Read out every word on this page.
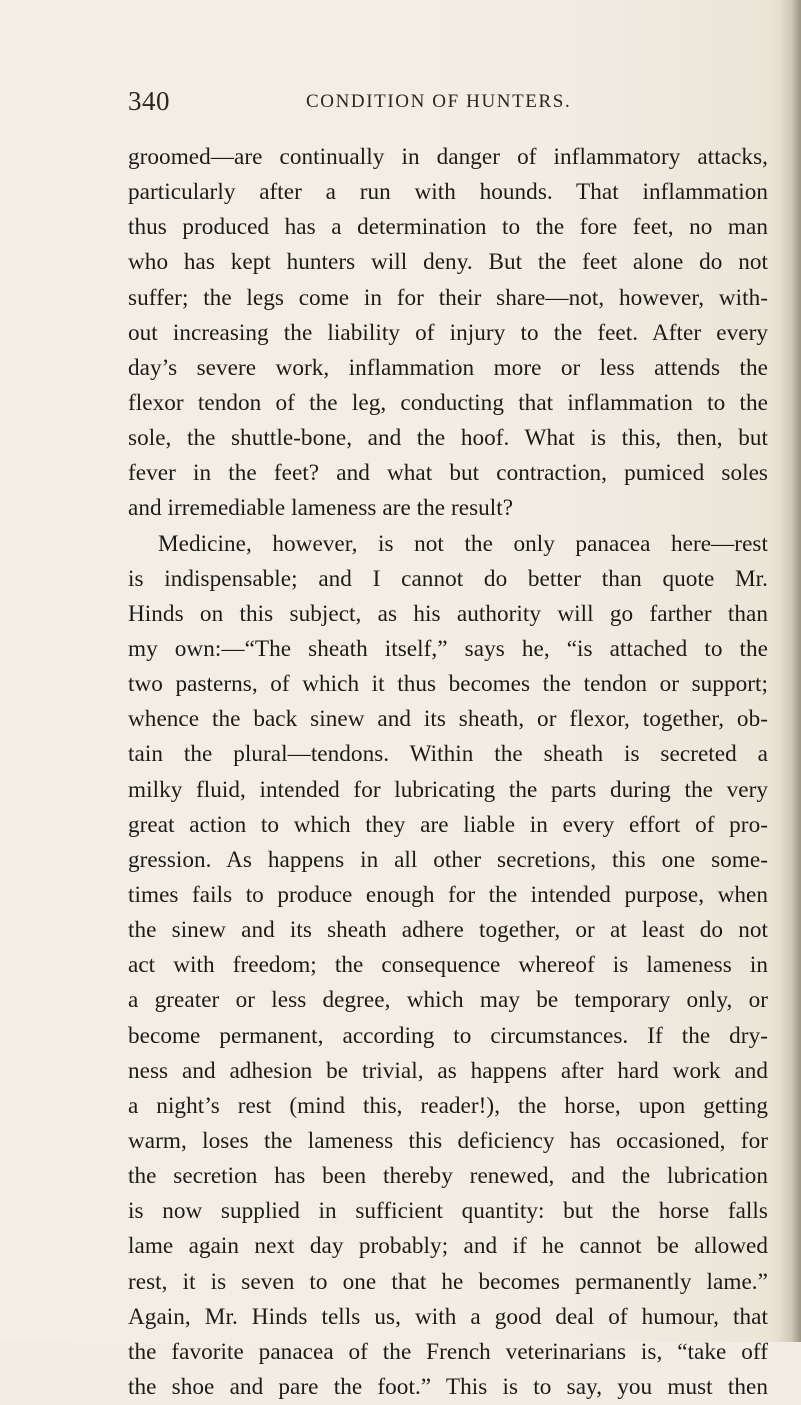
340	CONDITION OF HUNTERS.
groomed—are continually in danger of inflammatory attacks,
particularly after a run with hounds. That inflammation
thus produced has a determination to the fore feet, no man
who has kept hunters will deny. But the feet alone do not
suffer; the legs come in for their share—not, however, with-
out increasing the liability of injury to the feet. After every
day’s severe work, inflammation more or less attends the
flexor tendon of the leg, conducting that inflammation to the
sole, the shuttle-bone, and the hoof. What is this, then, but
fever in the feet? and what but contraction, pumiced soles
and irremediable lameness are the result?
Medicine, however, is not the only panacea here—rest
is indispensable; and I cannot do better than quote Mr.
Hinds on this subject, as his authority will go farther than
my own:—“The sheath itself,” says he, “is attached to the
two pasterns, of which it thus becomes the tendon or support;
whence the back sinew and its sheath, or flexor, together, ob-
tain the plural—tendons. Within the sheath is secreted a
milky fluid, intended for lubricating the parts during the very
great action to which they are liable in every effort of pro-
gression. As happens in all other secretions, this one some-
times fails to produce enough for the intended purpose, when
the sinew and its sheath adhere together, or at least do not
act with freedom; the consequence whereof is lameness in
a greater or less degree, which may be temporary only, or
become permanent, according to circumstances. If the dry-
ness and adhesion be trivial, as happens after hard work and
a night’s rest (mind this, reader!), the horse, upon getting
warm, loses the lameness this deficiency has occasioned, for
the secretion has been thereby renewed, and the lubrication
is now supplied in sufficient quantity: but the horse falls
lame again next day probably; and if he cannot be allowed
rest, it is seven to one that he becomes permanently lame.”
Again, Mr. Hinds tells us, with a good deal of humour, that
the favorite panacea of the French veterinarians is, “take off
the shoe and pare the foot.” This is to say, you must then
